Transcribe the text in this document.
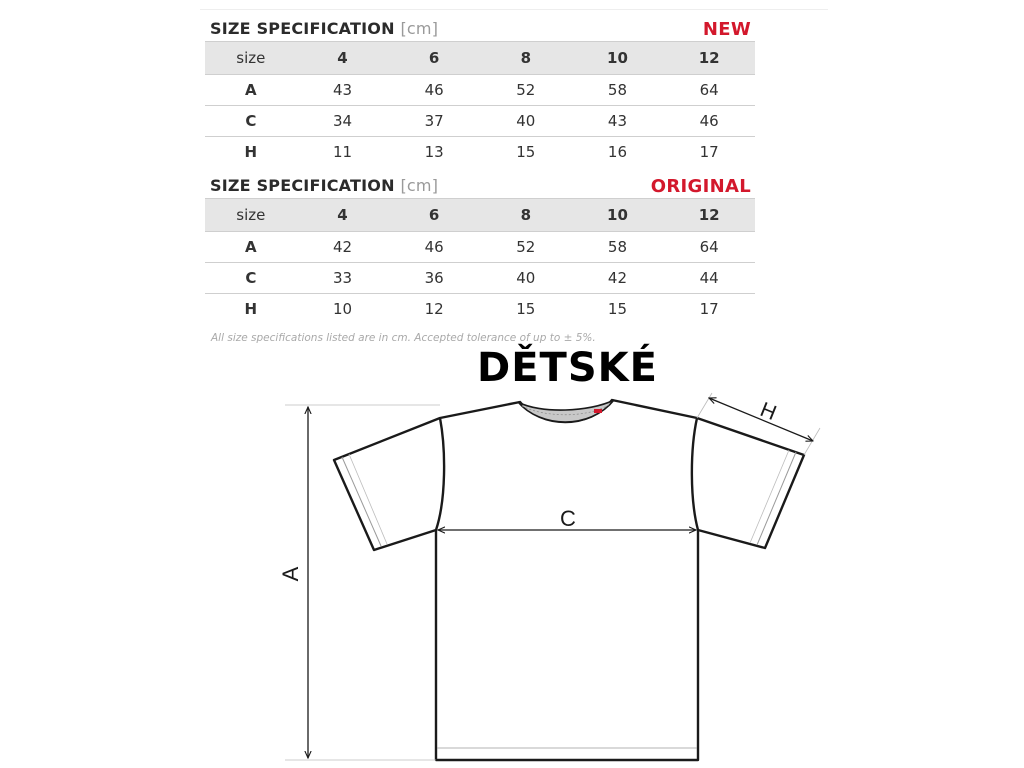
SIZE SPECIFICATION [cm]	NEW
size	4	6	8	10	12
A	43	46	52	58	64
C	34	37	40	43	46
H	11	13	15	16	17
SIZE SPECIFICATION [cm]	ORIGINAL
size	4	6	8	10	12
A	42	46	52	58	64
C	33	36	40	42	44
H	10	12	15	15	17
All size specifications listed are in cm. Accepted tolerance of up to ± 5%.
DĚTSKÉ
A
C
H
